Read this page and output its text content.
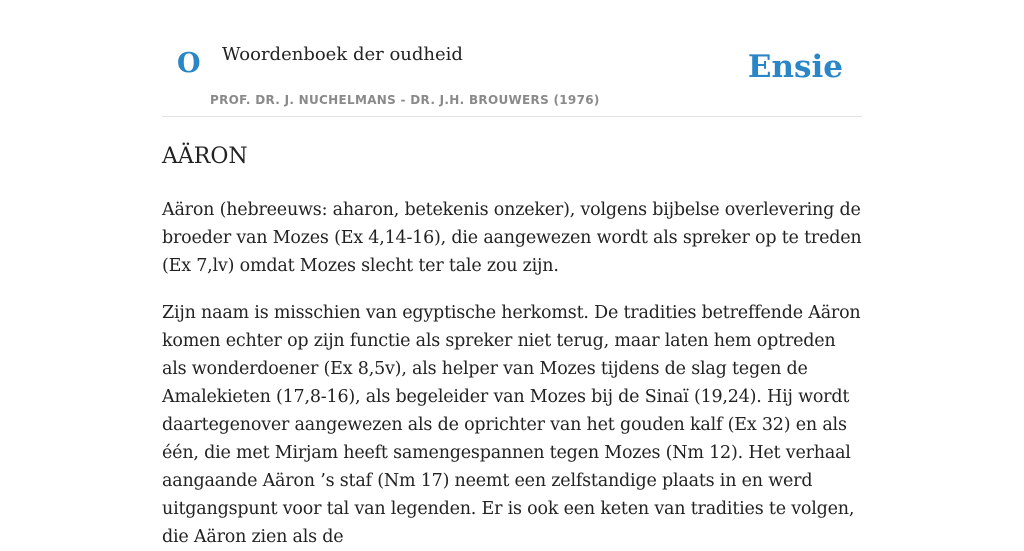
O Woordenboek der oudheid
PROF. DR. J. NUCHELMANS - DR. J.H. BROUWERS (1976)
Ensie
AÄRON

Aäron (hebreeuws: aharon, betekenis onzeker), volgens bijbelse overlevering de broeder van Mozes (Ex 4,14-16), die aangewezen wordt als spreker op te treden (Ex 7,lv) omdat Mozes slecht ter tale zou zijn.

Zijn naam is misschien van egyptische herkomst. De tradities betreffende Aäron komen echter op zijn functie als spreker niet terug, maar laten hem optreden als wonderdoener (Ex 8,5v), als helper van Mozes tijdens de slag tegen de Amalekieten (17,8-16), als begeleider van Mozes bij de Sinaï (19,24). Hij wordt daartegenover aangewezen als de oprichter van het gouden kalf (Ex 32) en als één, die met Mirjam heeft samengespannen tegen Mozes (Nm 12). Het verhaal aangaande Aäron ’s staf (Nm 17) neemt een zelfstandige plaats in en werd uitgangspunt voor tal van legenden. Er is ook een keten van tradities te volgen, die Aäron zien als de
